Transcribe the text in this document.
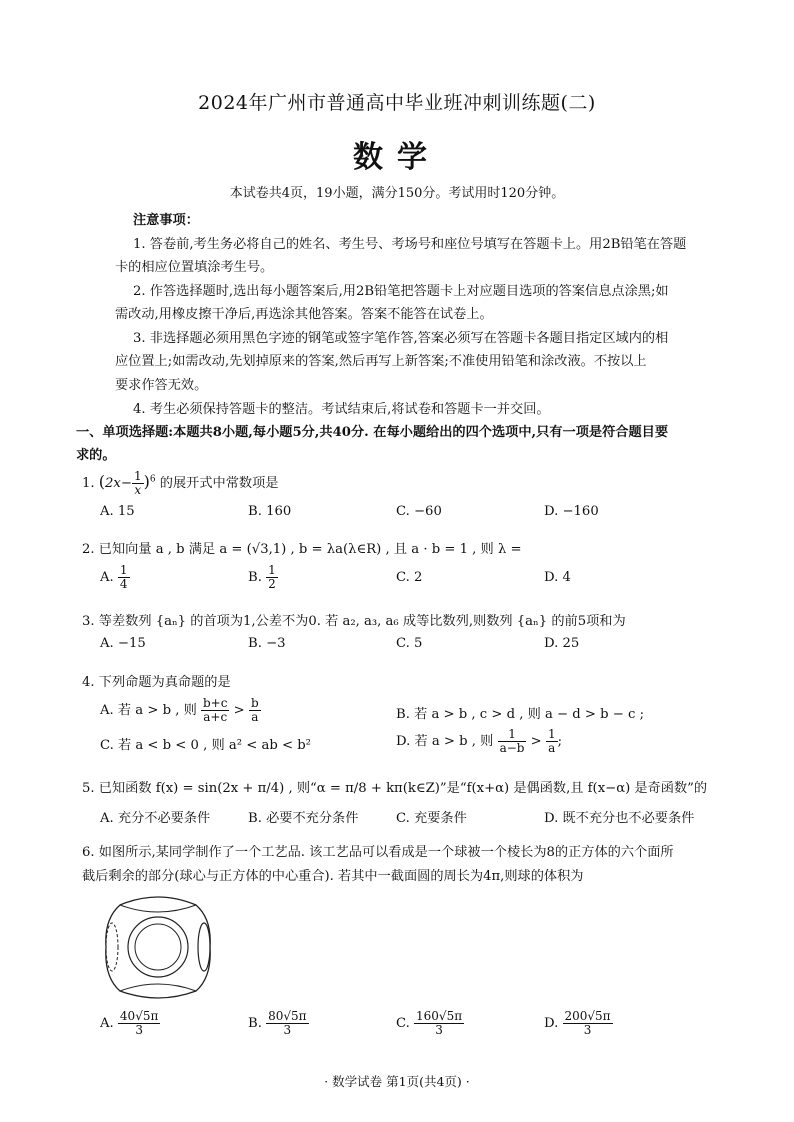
2024年广州市普通高中毕业班冲刺训练题(二)
数学
本试卷共4页，19小题，满分150分。考试用时120分钟。
注意事项：
1. 答卷前,考生务必将自己的姓名、考生号、考场号和座位号填写在答题卡上。用2B铅笔在答题
卡的相应位置填涂考生号。
2. 作答选择题时,选出每小题答案后,用2B铅笔把答题卡上对应题目选项的答案信息点涂黑;如
需改动,用橡皮擦干净后,再选涂其他答案。答案不能答在试卷上。
3. 非选择题必须用黑色字迹的钢笔或签字笔作答,答案必须写在答题卡各题目指定区域内的相
应位置上;如需改动,先划掉原来的答案,然后再写上新答案;不准使用铅笔和涂改液。不按以上
要求作答无效。
4. 考生必须保持答题卡的整洁。考试结束后,将试卷和答题卡一并交回。
一、单项选择题:本题共8小题,每小题5分,共40分. 在每小题给出的四个选项中,只有一项是符合题目要
求的。
1. $(2x- \frac{1}{x} )^6$ 的展开式中常数项是
A. 15	B. 160	C. −60	D. −160
2. 已知向量 a , b 满足 a = (√3,1) , b = λa(λ∈R) , 且 a · b = 1 , 则 λ =
A. $\frac{1}{4}$	B. $\frac{1}{2}$	C. 2	D. 4
3. 等差数列 {aₙ} 的首项为1,公差不为0. 若 a₂, a₃, a₆ 成等比数列,则数列 {aₙ} 的前5项和为
A. −15	B. −3	C. 5	D. 25
4. 下列命题为真命题的是
A. 若 a > b , 则 $\frac{b+c}{a+c} > \frac{b}{a}$	B. 若 a > b , c > d , 则 a − d > b − c ;
C. 若 a < b < 0 , 则 a² < ab < b²	D. 若 a > b , 则 $\frac{1}{a-b} > \frac{1}{a}$ ;
5. 已知函数 f(x) = sin(2x + π/4) , 则“α = π/8 + kπ(k∈Z)”是“f(x+α) 是偶函数,且 f(x−α) 是奇函数”的
A. 充分不必要条件	B. 必要不充分条件	C. 充要条件	D. 既不充分也不必要条件
6. 如图所示,某同学制作了一个工艺品. 该工艺品可以看成是一个球被一个棱长为8的正方体的六个面所
截后剩余的部分(球心与正方体的中心重合). 若其中一截面圆的周长为4π,则球的体积为
A. $\frac{40√5\pi}{3}$	B. $\frac{80√5\pi}{3}$	C. $\frac{160√5\pi}{3}$	D. $\frac{200√5\pi}{3}$
· 数学试卷 第1页(共4页) ·
